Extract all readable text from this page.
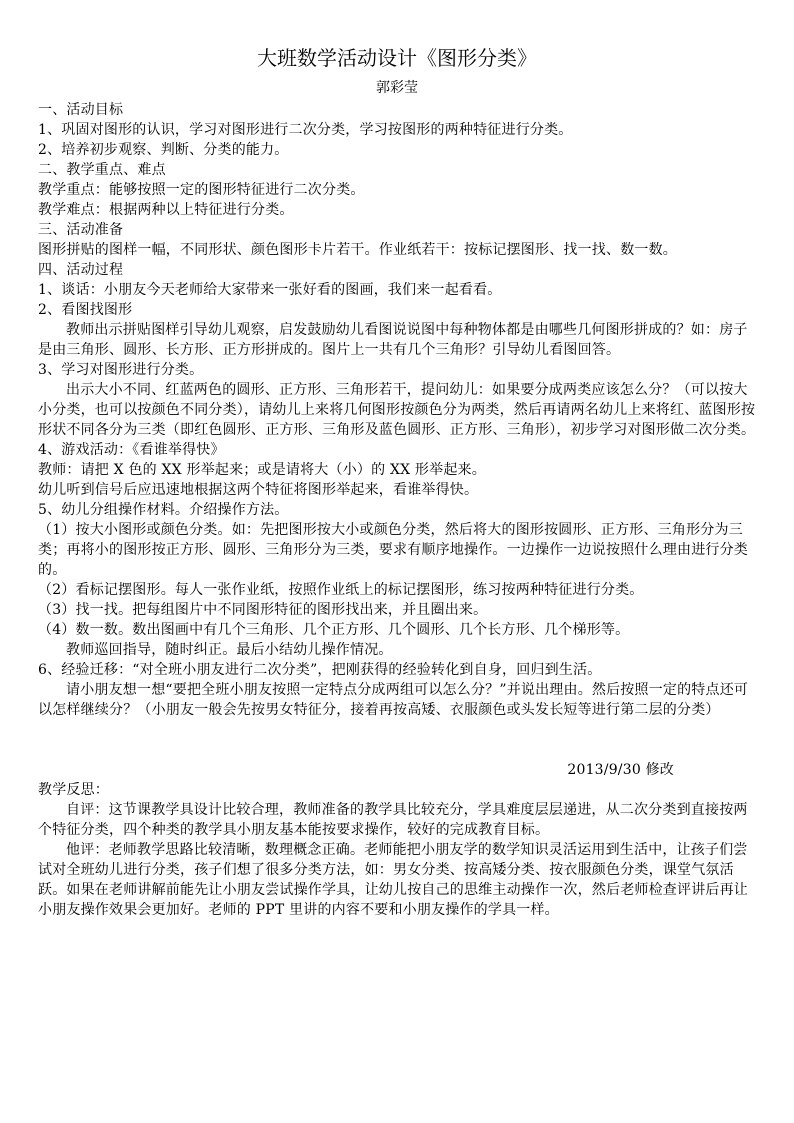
大班数学活动设计《图形分类》
郭彩莹

一、活动目标

1、巩固对图形的认识，学习对图形进行二次分类，学习按图形的两种特征进行分类。

2、培养初步观察、判断、分类的能力。

二、教学重点、难点

教学重点：能够按照一定的图形特征进行二次分类。

教学难点：根据两种以上特征进行分类。

三、活动准备

图形拼贴的图样一幅，不同形状、颜色图形卡片若干。作业纸若干：按标记摆图形、找一找、数一数。

四、活动过程

1、谈话：小朋友今天老师给大家带来一张好看的图画，我们来一起看看。

2、看图找图形

教师出示拼贴图样引导幼儿观察，启发鼓励幼儿看图说说图中每种物体都是由哪些几何图形拼成的？如：房子是由三角形、圆形、长方形、正方形拼成的。图片上一共有几个三角形？引导幼儿看图回答。

3、学习对图形进行分类。

出示大小不同、红蓝两色的圆形、正方形、三角形若干，提问幼儿：如果要分成两类应该怎么分？（可以按大小分类，也可以按颜色不同分类），请幼儿上来将几何图形按颜色分为两类，然后再请两名幼儿上来将红、蓝图形按形状不同各分为三类（即红色圆形、正方形、三角形及蓝色圆形、正方形、三角形），初步学习对图形做二次分类。

4、游戏活动：《看谁举得快》

教师：请把 X 色的 XX 形举起来；或是请将大（小）的 XX 形举起来。

幼儿听到信号后应迅速地根据这两个特征将图形举起来，看谁举得快。

5、幼儿分组操作材料。介绍操作方法。

（1）按大小图形或颜色分类。如：先把图形按大小或颜色分类，然后将大的图形按圆形、正方形、三角形分为三类；再将小的图形按正方形、圆形、三角形分为三类，要求有顺序地操作。一边操作一边说按照什么理由进行分类的。

（2）看标记摆图形。每人一张作业纸，按照作业纸上的标记摆图形，练习按两种特征进行分类。

（3）找一找。把每组图片中不同图形特征的图形找出来，并且圈出来。

（4）数一数。数出图画中有几个三角形、几个正方形、几个圆形、几个长方形、几个梯形等。

教师巡回指导，随时纠正。最后小结幼儿操作情况。

6、经验迁移：“对全班小朋友进行二次分类”，把刚获得的经验转化到自身，回归到生活。

请小朋友想一想“要把全班小朋友按照一定特点分成两组可以怎么分？”并说出理由。然后按照一定的特点还可以怎样继续分？（小朋友一般会先按男女特征分，接着再按高矮、衣服颜色或头发长短等进行第二层的分类）

2013/9/30 修改

教学反思：

自评：这节课教学具设计比较合理，教师准备的教学具比较充分，学具难度层层递进，从二次分类到直接按两个特征分类，四个种类的教学具小朋友基本能按要求操作，较好的完成教育目标。

他评：老师教学思路比较清晰，数理概念正确。老师能把小朋友学的数学知识灵活运用到生活中，让孩子们尝试对全班幼儿进行分类，孩子们想了很多分类方法，如：男女分类、按高矮分类、按衣服颜色分类，课堂气氛活跃。如果在老师讲解前能先让小朋友尝试操作学具，让幼儿按自己的思维主动操作一次，然后老师检查评讲后再让小朋友操作效果会更加好。老师的 PPT 里讲的内容不要和小朋友操作的学具一样。
